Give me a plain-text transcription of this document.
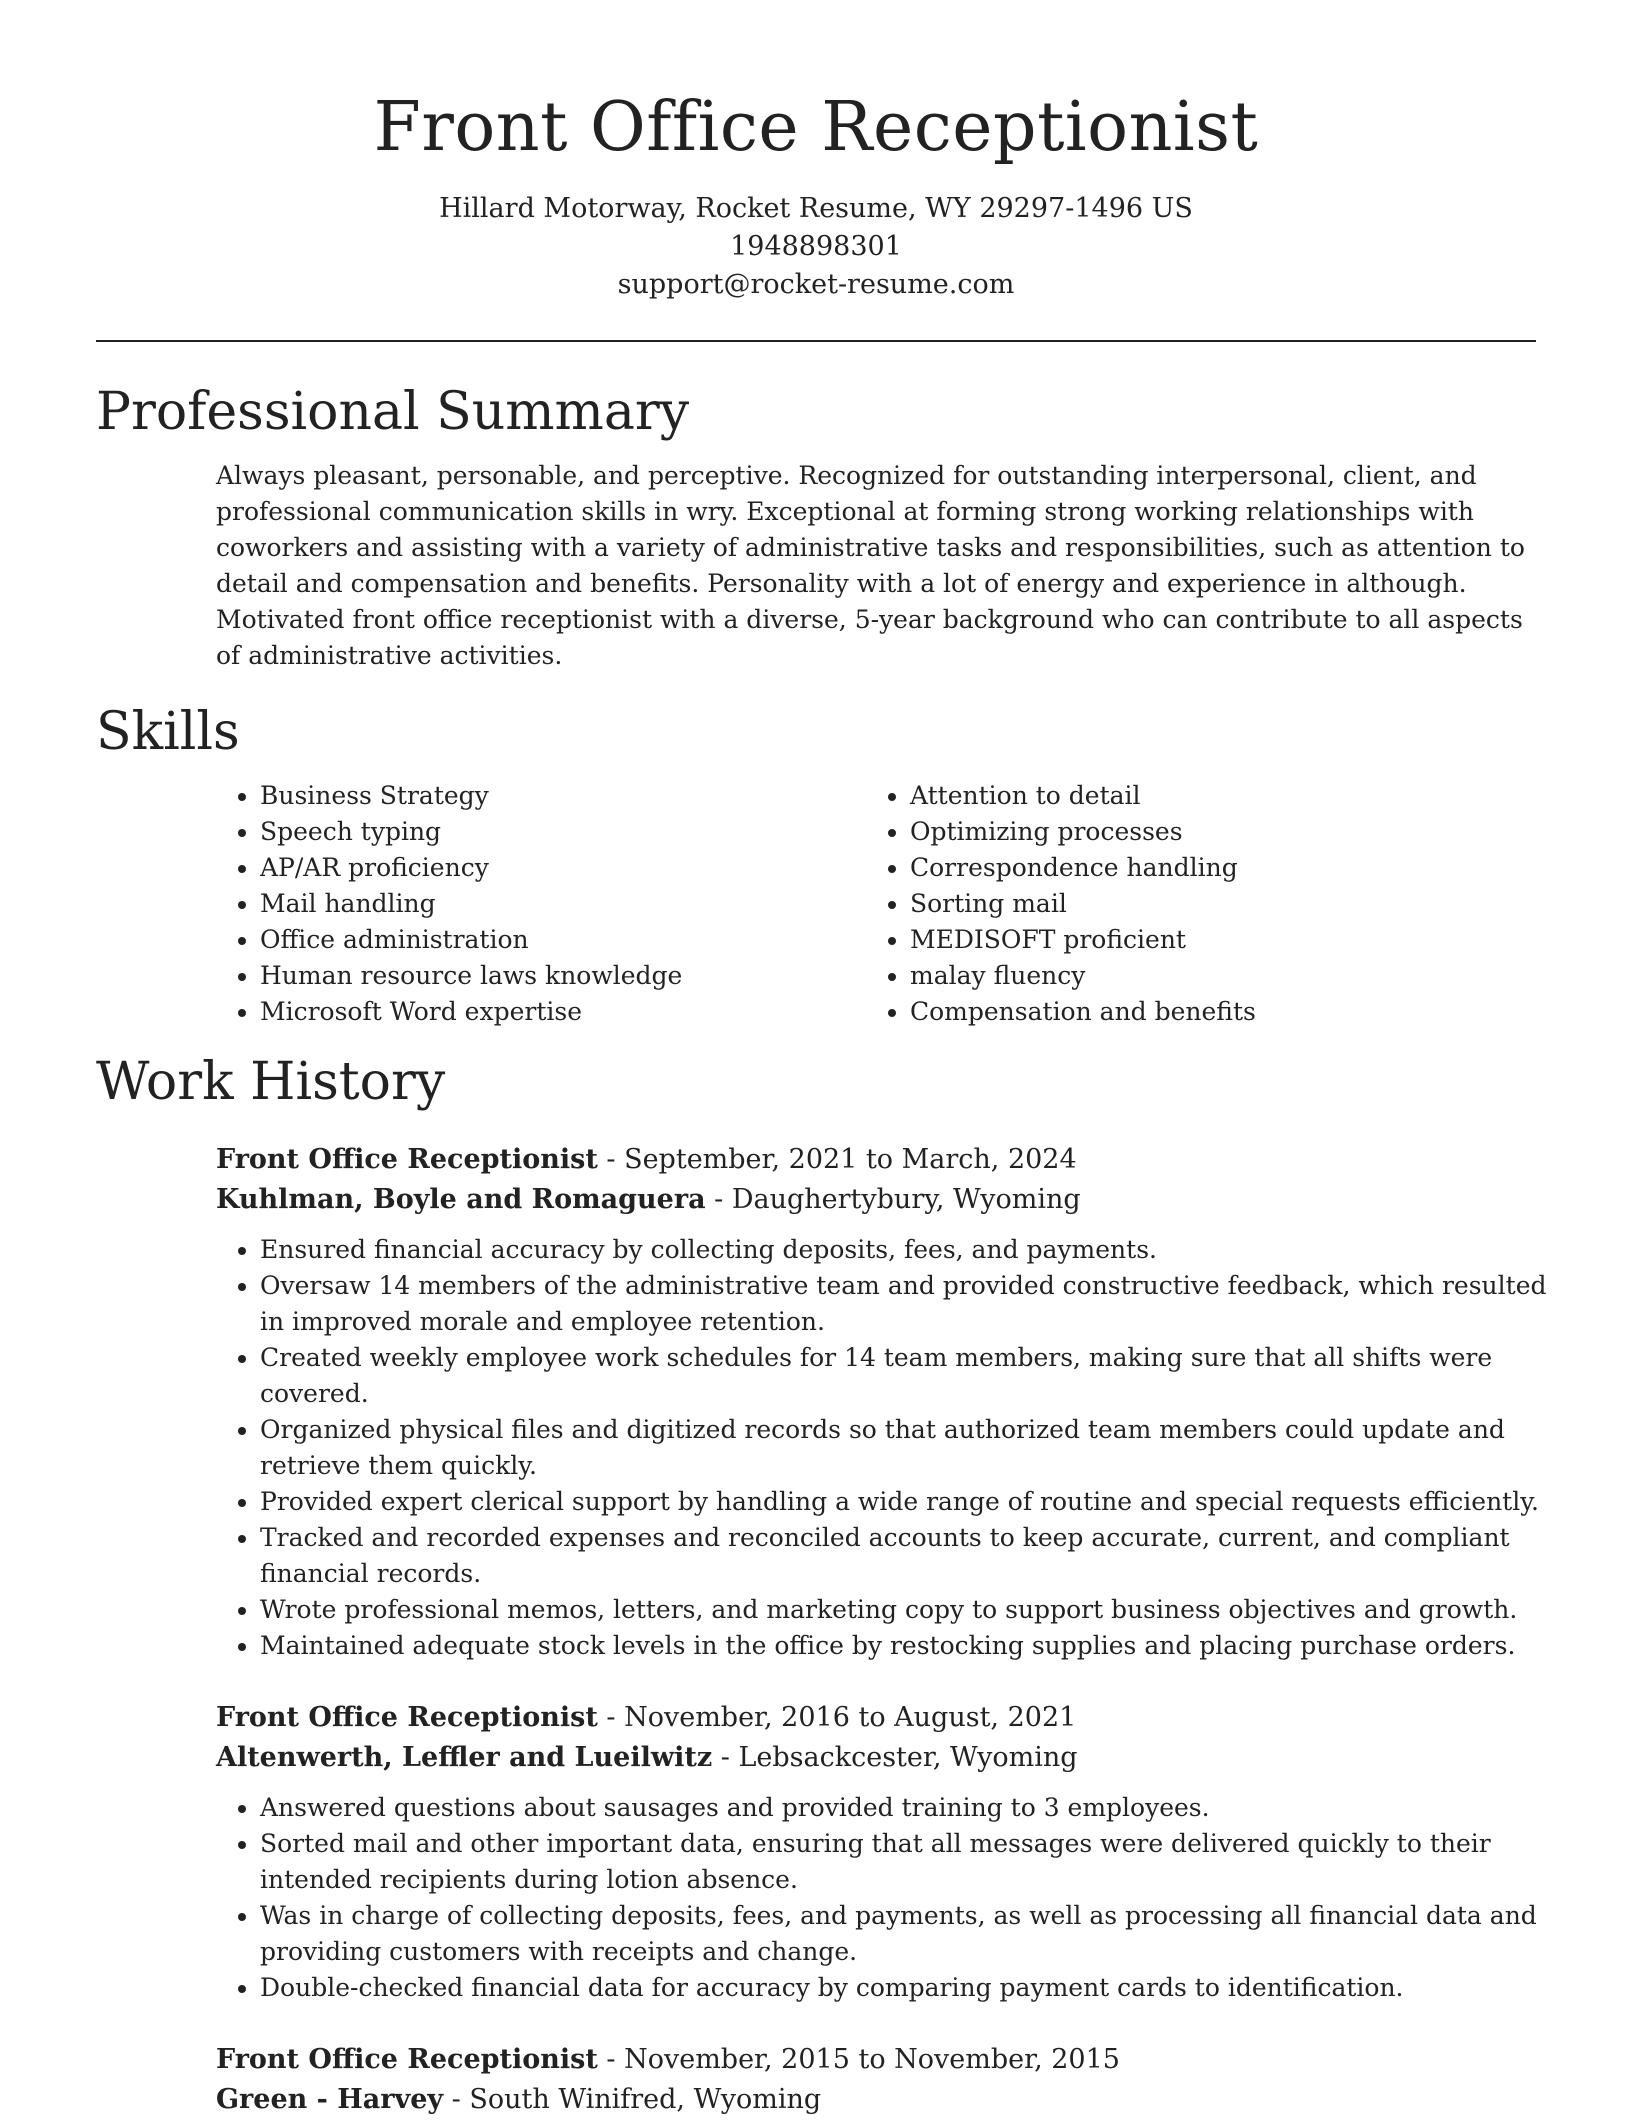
Front Office Receptionist
Hillard Motorway, Rocket Resume, WY 29297-1496 US
1948898301
support@rocket-resume.com
Professional Summary
Always pleasant, personable, and perceptive. Recognized for outstanding interpersonal, client, and professional communication skills in wry. Exceptional at forming strong working relationships with coworkers and assisting with a variety of administrative tasks and responsibilities, such as attention to detail and compensation and benefits. Personality with a lot of energy and experience in although. Motivated front office receptionist with a diverse, 5-year background who can contribute to all aspects of administrative activities.
Skills
• Business Strategy
• Speech typing
• AP/AR proficiency
• Mail handling
• Office administration
• Human resource laws knowledge
• Microsoft Word expertise
• Attention to detail
• Optimizing processes
• Correspondence handling
• Sorting mail
• MEDISOFT proficient
• malay fluency
• Compensation and benefits
Work History
Front Office Receptionist - September, 2021 to March, 2024
Kuhlman, Boyle and Romaguera - Daughertybury, Wyoming
• Ensured financial accuracy by collecting deposits, fees, and payments.
• Oversaw 14 members of the administrative team and provided constructive feedback, which resulted in improved morale and employee retention.
• Created weekly employee work schedules for 14 team members, making sure that all shifts were covered.
• Organized physical files and digitized records so that authorized team members could update and retrieve them quickly.
• Provided expert clerical support by handling a wide range of routine and special requests efficiently.
• Tracked and recorded expenses and reconciled accounts to keep accurate, current, and compliant financial records.
• Wrote professional memos, letters, and marketing copy to support business objectives and growth.
• Maintained adequate stock levels in the office by restocking supplies and placing purchase orders.
Front Office Receptionist - November, 2016 to August, 2021
Altenwerth, Leffler and Lueilwitz - Lebsackcester, Wyoming
• Answered questions about sausages and provided training to 3 employees.
• Sorted mail and other important data, ensuring that all messages were delivered quickly to their intended recipients during lotion absence.
• Was in charge of collecting deposits, fees, and payments, as well as processing all financial data and providing customers with receipts and change.
• Double-checked financial data for accuracy by comparing payment cards to identification.
Front Office Receptionist - November, 2015 to November, 2015
Green - Harvey - South Winifred, Wyoming
